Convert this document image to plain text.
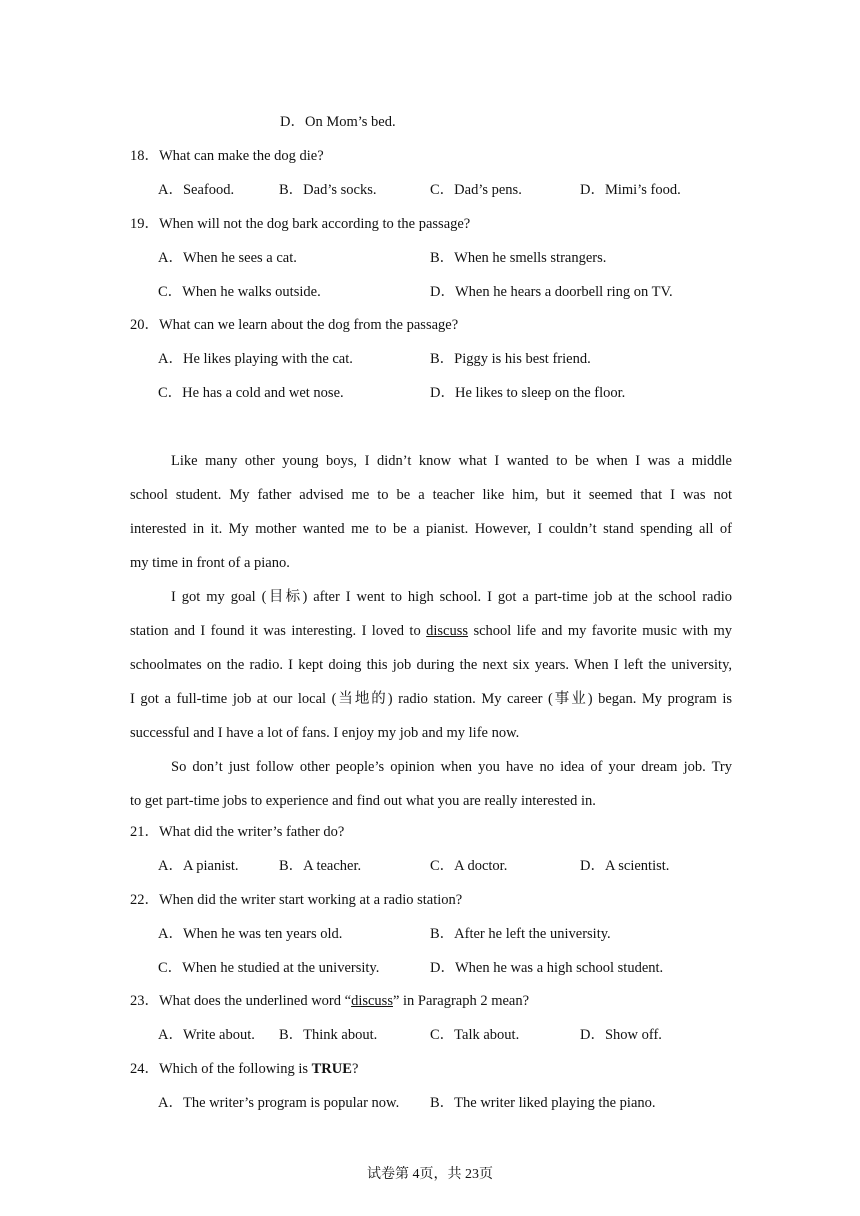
D．On Mom’s bed.
18．What can make the dog die?
A．Seafood.	B．Dad’s socks.	C．Dad’s pens.	D．Mimi’s food.
19．When will not the dog bark according to the passage?
A．When he sees a cat.	B．When he smells strangers.
C．When he walks outside.	D．When he hears a doorbell ring on TV.
20．What can we learn about the dog from the passage?
A．He likes playing with the cat.	B．Piggy is his best friend.
C．He has a cold and wet nose.	D．He likes to sleep on the floor.
Like many other young boys, I didn’t know what I wanted to be when I was a middle
school student. My father advised me to be a teacher like him, but it seemed that I was not
interested in it. My mother wanted me to be a pianist. However, I couldn’t stand spending all of
my time in front of a piano.
I got my goal (目标) after I went to high school. I got a part-time job at the school radio
station and I found it was interesting. I loved to discuss school life and my favorite music with my
schoolmates on the radio. I kept doing this job during the next six years. When I left the university,
I got a full-time job at our local (当地的) radio station. My career (事业) began. My program is
successful and I have a lot of fans. I enjoy my job and my life now.
So don’t just follow other people’s opinion when you have no idea of your dream job. Try
to get part-time jobs to experience and find out what you are really interested in.
21．What did the writer’s father do?
A．A pianist.	B．A teacher.	C．A doctor.	D．A scientist.
22．When did the writer start working at a radio station?
A．When he was ten years old.	B．After he left the university.
C．When he studied at the university.	D．When he was a high school student.
23．What does the underlined word “discuss” in Paragraph 2 mean?
A．Write about. B．Think about.	C．Talk about.	D．Show off.
24．Which of the following is TRUE?
A．The writer’s program is popular now. B．The writer liked playing the piano.
试卷第 4页，共 23页
